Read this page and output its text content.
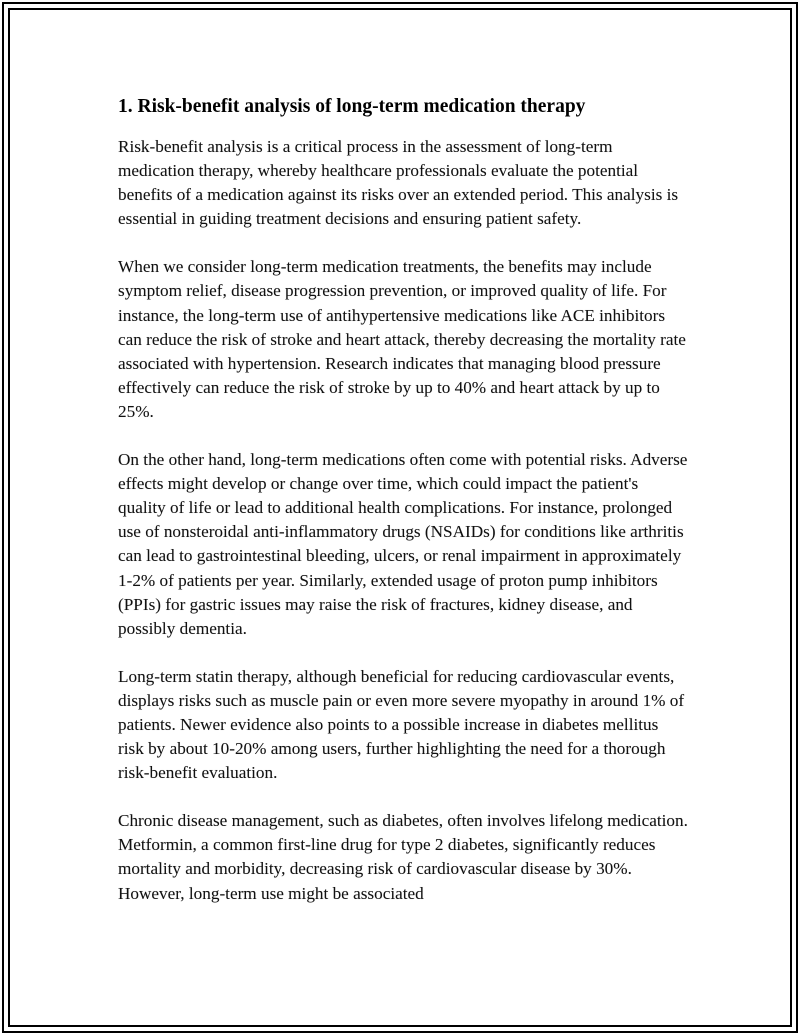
1. Risk-benefit analysis of long-term medication therapy

Risk-benefit analysis is a critical process in the assessment of long-term medication therapy, whereby healthcare professionals evaluate the potential benefits of a medication against its risks over an extended period. This analysis is essential in guiding treatment decisions and ensuring patient safety.

When we consider long-term medication treatments, the benefits may include symptom relief, disease progression prevention, or improved quality of life. For instance, the long-term use of antihypertensive medications like ACE inhibitors can reduce the risk of stroke and heart attack, thereby decreasing the mortality rate associated with hypertension. Research indicates that managing blood pressure effectively can reduce the risk of stroke by up to 40% and heart attack by up to 25%.

On the other hand, long-term medications often come with potential risks. Adverse effects might develop or change over time, which could impact the patient's quality of life or lead to additional health complications. For instance, prolonged use of nonsteroidal anti-inflammatory drugs (NSAIDs) for conditions like arthritis can lead to gastrointestinal bleeding, ulcers, or renal impairment in approximately 1-2% of patients per year. Similarly, extended usage of proton pump inhibitors (PPIs) for gastric issues may raise the risk of fractures, kidney disease, and possibly dementia.

Long-term statin therapy, although beneficial for reducing cardiovascular events, displays risks such as muscle pain or even more severe myopathy in around 1% of patients. Newer evidence also points to a possible increase in diabetes mellitus risk by about 10-20% among users, further highlighting the need for a thorough risk-benefit evaluation.

Chronic disease management, such as diabetes, often involves lifelong medication. Metformin, a common first-line drug for type 2 diabetes, significantly reduces mortality and morbidity, decreasing risk of cardiovascular disease by 30%. However, long-term use might be associated
